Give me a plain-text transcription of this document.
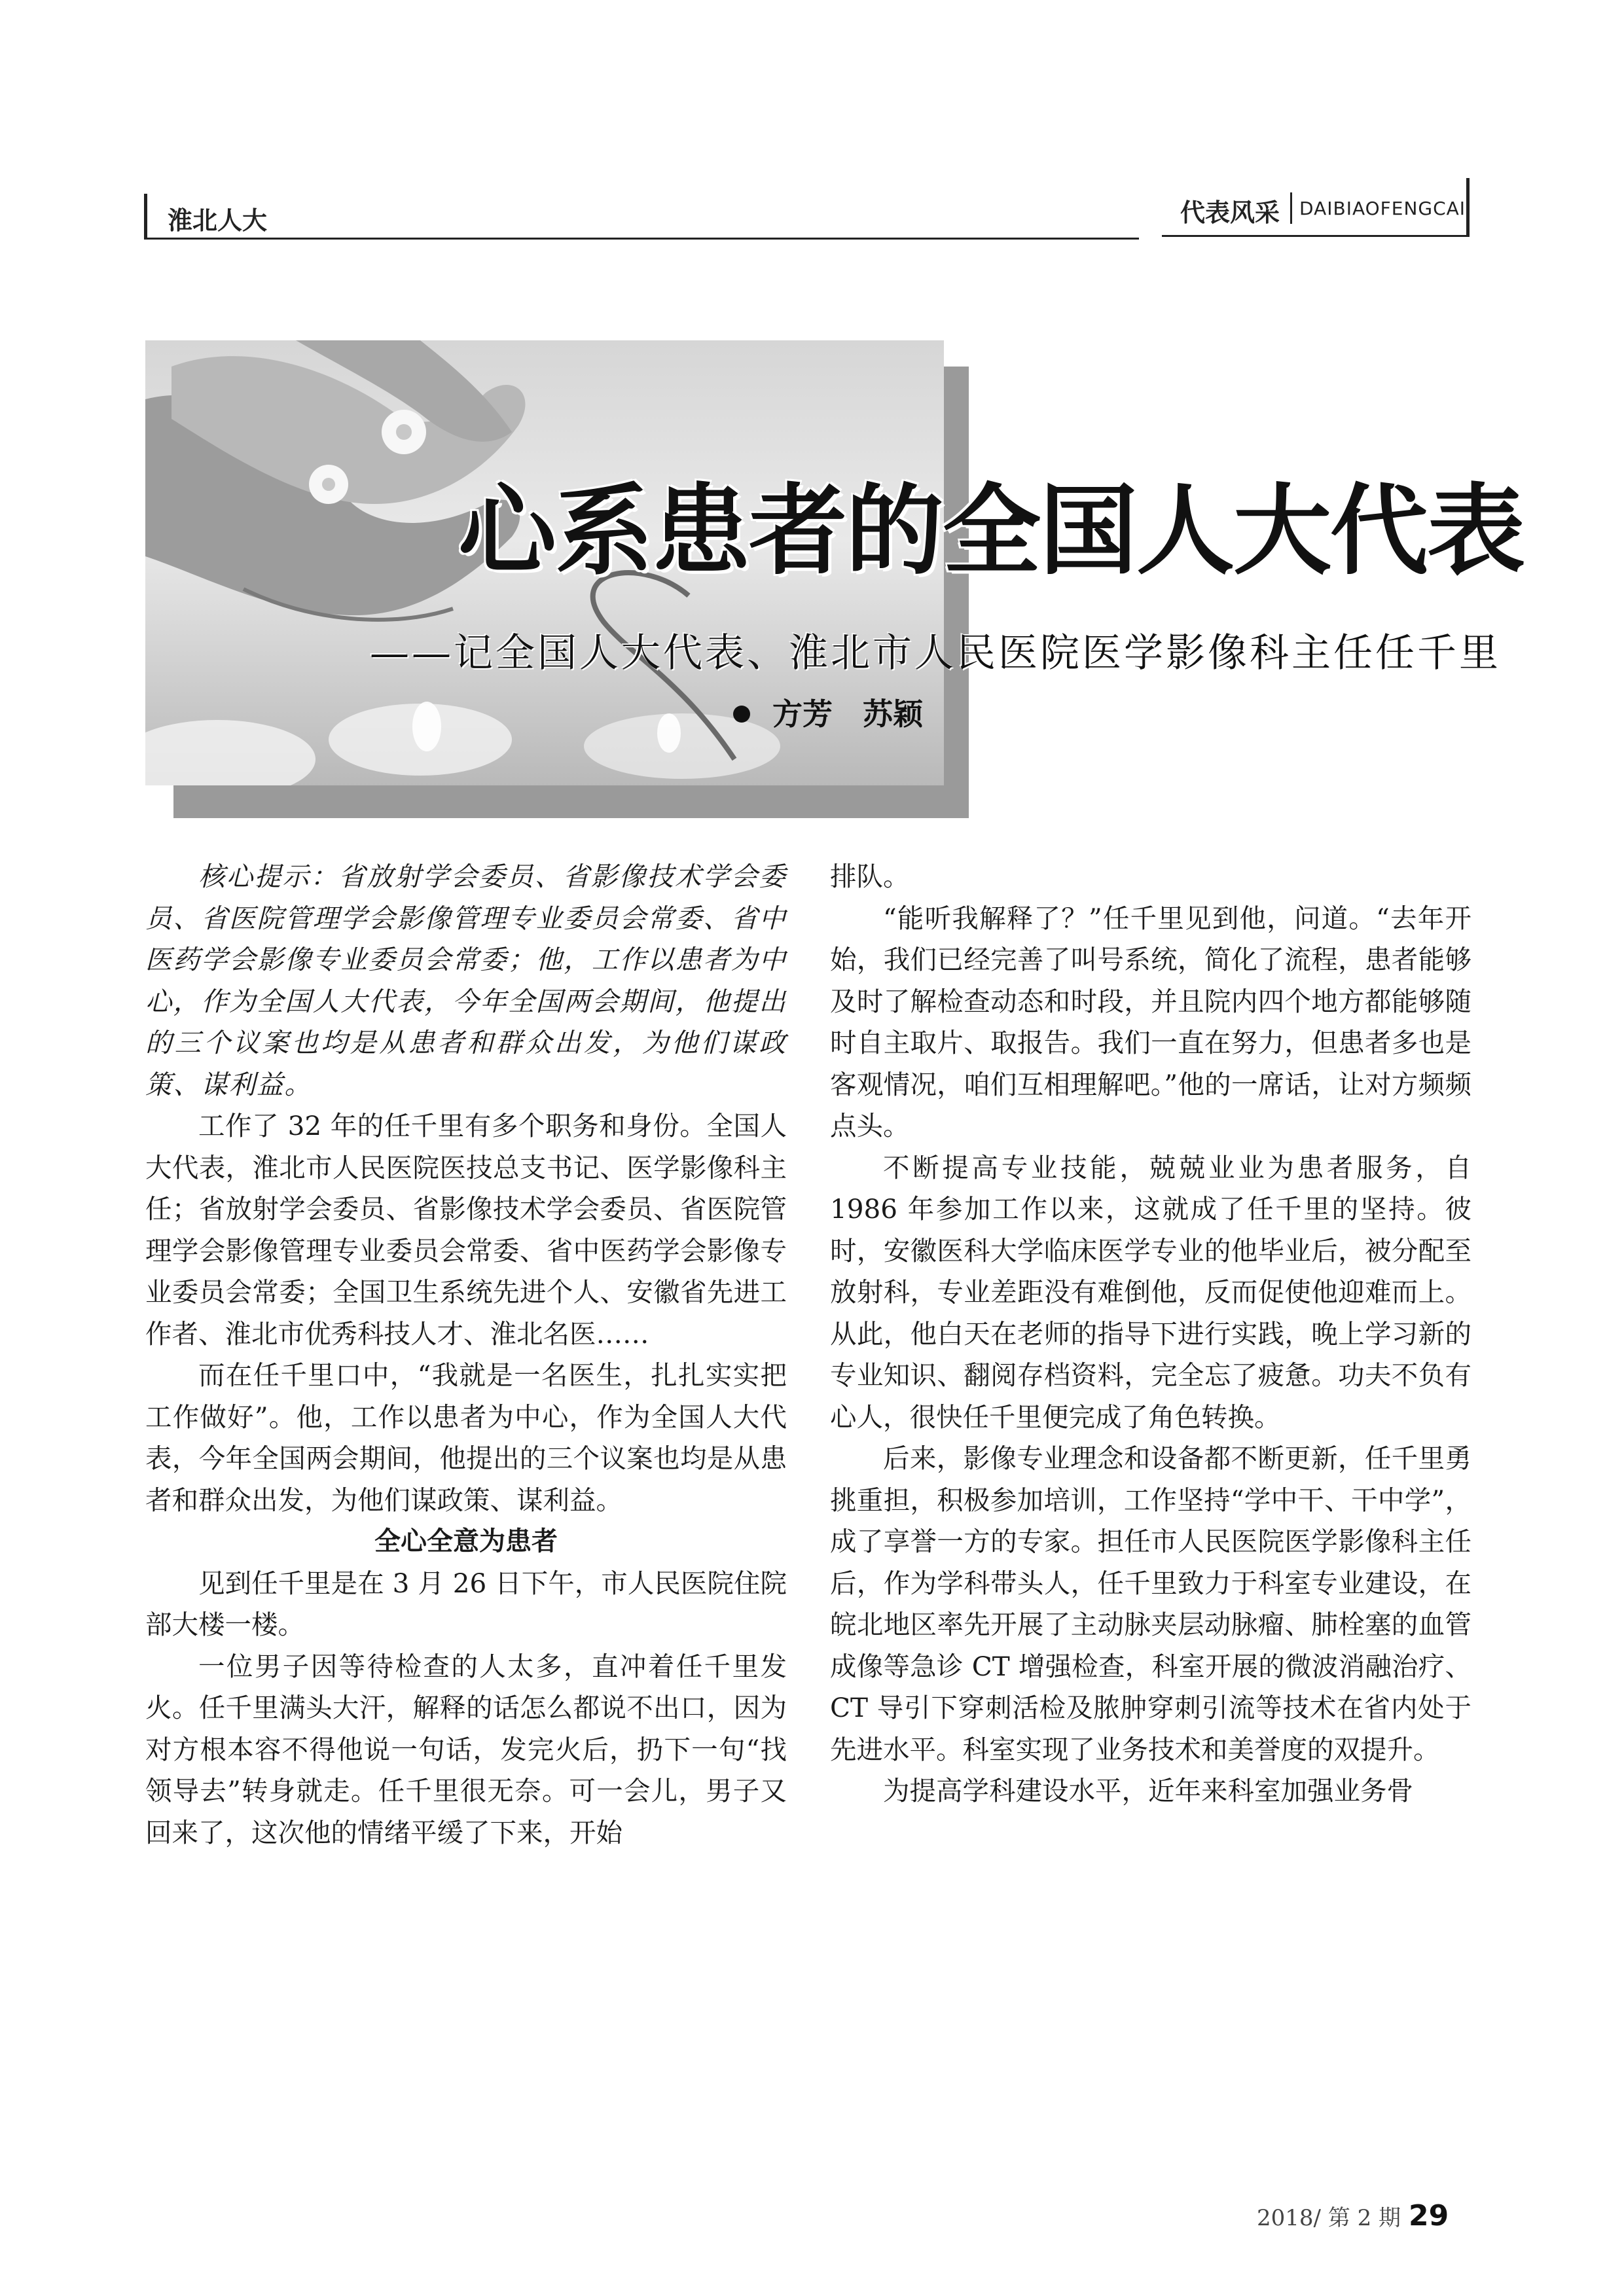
淮北人大	代表风采 DAIBIAOFENGCAI
心系患者的全国人大代表
——记全国人大代表、淮北市人民医院医学影像科主任任千里
方芳　苏颖

核心提示：省放射学会委员、省影像技术学会委员、省医院管理学会影像管理专业委员会常委、省中医药学会影像专业委员会常委；他，工作以患者为中心，作为全国人大代表，今年全国两会期间，他提出的三个议案也均是从患者和群众出发，为他们谋政策、谋利益。

工作了 32 年的任千里有多个职务和身份。全国人大代表，淮北市人民医院医技总支书记、医学影像科主任；省放射学会委员、省影像技术学会委员、省医院管理学会影像管理专业委员会常委、省中医药学会影像专业委员会常委；全国卫生系统先进个人、安徽省先进工作者、淮北市优秀科技人才、淮北名医……

而在任千里口中，“我就是一名医生，扎扎实实把工作做好”。他，工作以患者为中心，作为全国人大代表，今年全国两会期间，他提出的三个议案也均是从患者和群众出发，为他们谋政策、谋利益。

全心全意为患者

见到任千里是在 3 月 26 日下午，市人民医院住院部大楼一楼。

一位男子因等待检查的人太多，直冲着任千里发火。任千里满头大汗，解释的话怎么都说不出口，因为对方根本容不得他说一句话，发完火后，扔下一句“找领导去”转身就走。任千里很无奈。可一会儿，男子又回来了，这次他的情绪平缓了下来，开始

排队。

“能听我解释了？”任千里见到他，问道。“去年开始，我们已经完善了叫号系统，简化了流程，患者能够及时了解检查动态和时段，并且院内四个地方都能够随时自主取片、取报告。我们一直在努力，但患者多也是客观情况，咱们互相理解吧。”他的一席话，让对方频频点头。

不断提高专业技能，兢兢业业为患者服务，自 1986 年参加工作以来，这就成了任千里的坚持。彼时，安徽医科大学临床医学专业的他毕业后，被分配至放射科，专业差距没有难倒他，反而促使他迎难而上。从此，他白天在老师的指导下进行实践，晚上学习新的专业知识、翻阅存档资料，完全忘了疲惫。功夫不负有心人，很快任千里便完成了角色转换。

后来，影像专业理念和设备都不断更新，任千里勇挑重担，积极参加培训，工作坚持“学中干、干中学”，成了享誉一方的专家。担任市人民医院医学影像科主任后，作为学科带头人，任千里致力于科室专业建设，在皖北地区率先开展了主动脉夹层动脉瘤、肺栓塞的血管成像等急诊 CT 增强检查，科室开展的微波消融治疗、CT 导引下穿刺活检及脓肿穿刺引流等技术在省内处于先进水平。科室实现了业务技术和美誉度的双提升。

为提高学科建设水平，近年来科室加强业务骨

2018/ 第 2 期 29
